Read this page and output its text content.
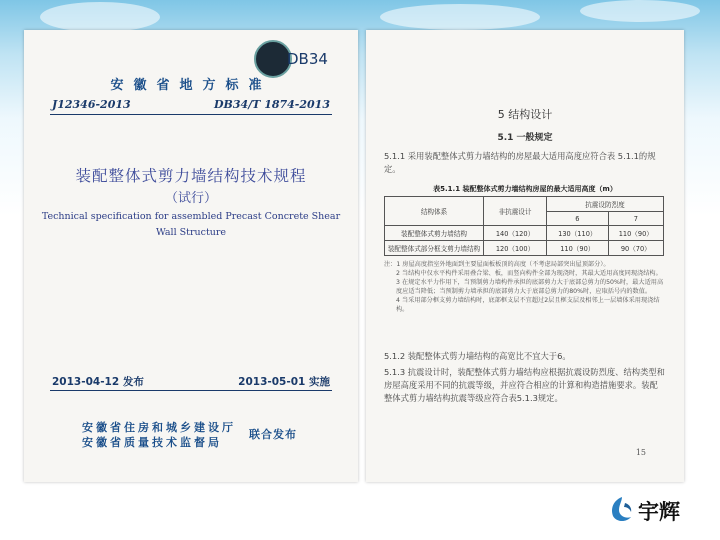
DB34
安徽省地方标准
J12346-2013	DB34/T 1874-2013
装配整体式剪力墙结构技术规程
（试行）
Technical specification for assembled Precast Concrete Shear
Wall Structure
2013-04-12 发布	2013-05-01 实施
安徽省住房和城乡建设厅
安徽省质量技术监督局
联合发布
5 结构设计
5.1 一般规定
5.1.1 采用装配整体式剪力墙结构的房屋最大适用高度应符合表 5.1.1的规定。
表5.1.1 装配整体式剪力墙结构房屋的最大适用高度（m）
结构体系	非抗震设计	抗震设防烈度	
		6	7
装配整体式剪力墙结构	140（120）	130（110）	110（90）
装配整体式部分框支剪力墙结构	120（100）	110（90）	90（70）
注：1 房屋高度指室外地面到主要屋面板板顶的高度（不考虑局部突出屋顶部分）。
2 当结构中仅水平构件采用叠合梁、板，而竖向构件全部为现浇时，其最大适用高度同现浇结构。
3 在规定水平力作用下，当预制剪力墙构件承担的底部剪力大于底部总剪力的50%时，最大适用高度应适当降低；当预制剪力墙承担的底部剪力大于底部总剪力的80%时，应取括号内的数值。
4 当采用部分框支剪力墙结构时，底部框支层不宜超过2层且框支层及相邻上一层墙体采用现浇结构。
5.1.2 装配整体式剪力墙结构的高宽比不宜大于6。
5.1.3 抗震设计时，装配整体式剪力墙结构应根据抗震设防烈度、结构类型和房屋高度采用不同的抗震等级，并应符合相应的计算和构造措施要求。装配整体式剪力墙结构抗震等级应符合表5.1.3规定。
15
宇辉
